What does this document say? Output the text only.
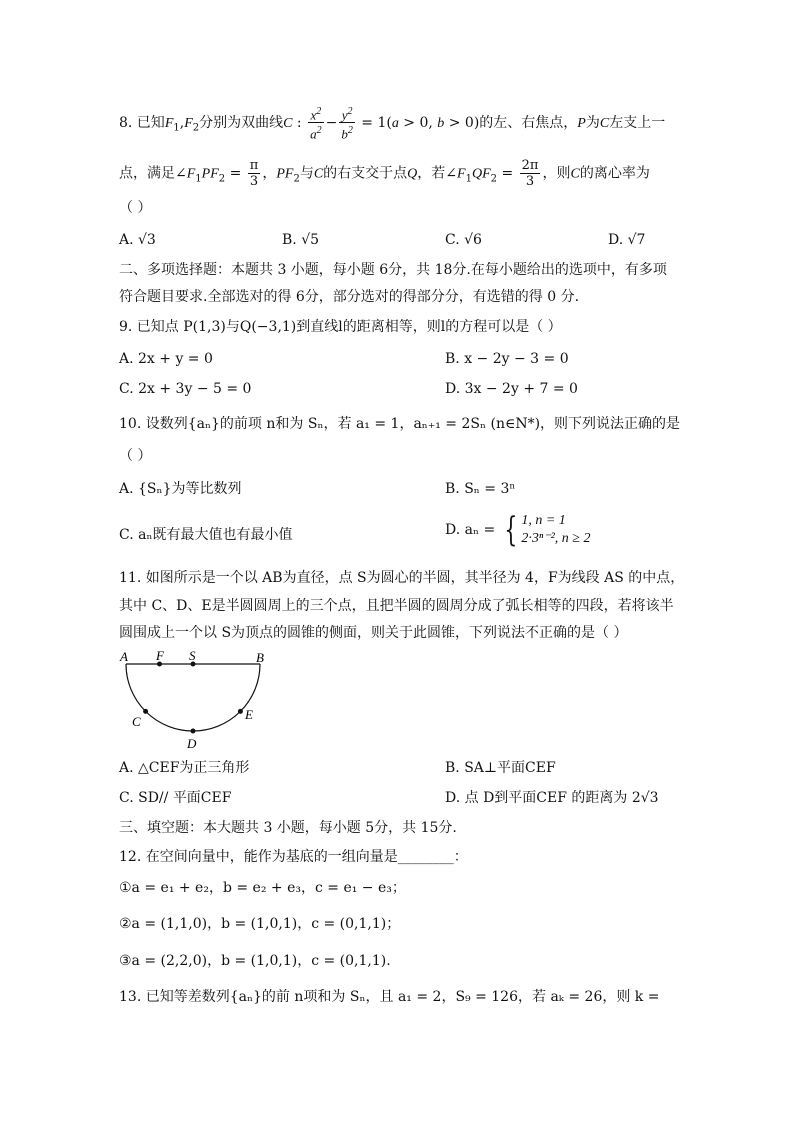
8. 已知$F_1,F_2$分别为双曲线C : $\frac{x^2}{a^2} - \frac{y^2}{b^2} = 1(a > 0$, b > 0)的左、右焦点，P为C左支上一
点，满足$\angle F_1PF_2 = \frac{\pi}{3}$ ，$PF_2$与C的右支交于点Q，若$\angle F_1QF_2 = \frac{2\pi}{3}$ ，则C的离心率为
（ ）
A. √3	B. √5	C. √6	D. √7
二、多项选择题：本题共 3 小题，每小题 6分，共 18分.在每小题给出的选项中，有多项
符合题目要求.全部选对的得 6分，部分选对的得部分分，有选错的得 0 分.
9. 已知点 P(1,3)与Q(−3,1)到直线l的距离相等，则l的方程可以是（ ）
A. 2x + y = 0	B. x − 2y − 3 = 0
C. 2x + 3y − 5 = 0	D. 3x − 2y + 7 = 0
10. 设数列{aₙ}的前项 n和为 Sₙ，若 a₁ = 1，aₙ₊₁ = 2Sₙ (n∈N*)，则下列说法正确的是
（ ）
A. {Sₙ}为等比数列	B. Sₙ = 3ⁿ
C. aₙ既有最大值也有最小值	D. aₙ = { 1, n = 1
2·3ⁿ⁻², n ≥ 2
11. 如图所示是一个以 AB为直径，点 S为圆心的半圆，其半径为 4，F为线段 AS 的中点，
其中 C、D、E是半圆圆周上的三个点，且把半圆的圆周分成了弧长相等的四段，若将该半
圆围成上一个以 S为顶点的圆锥的侧面，则关于此圆锥，下列说法不正确的是（ ）
A F S	B
C
D
E
A. △CEF为正三角形	B. SA⊥平面CEF
C. SD// 平面CEF	D. 点 D到平面CEF 的距离为 2√3
三、填空题：本大题共 3 小题，每小题 5分，共 15分.
12. 在空间向量中，能作为基底的一组向量是________：
①a = e₁ + e₂，b = e₂ + e₃，c = e₁ − e₃；
②a = (1,1,0)，b = (1,0,1)，c = (0,1,1)；
③a = (2,2,0)，b = (1,0,1)，c = (0,1,1).
13. 已知等差数列{aₙ}的前 n项和为 Sₙ，且 a₁ = 2，S₉ = 126，若 aₖ = 26，则 k =
